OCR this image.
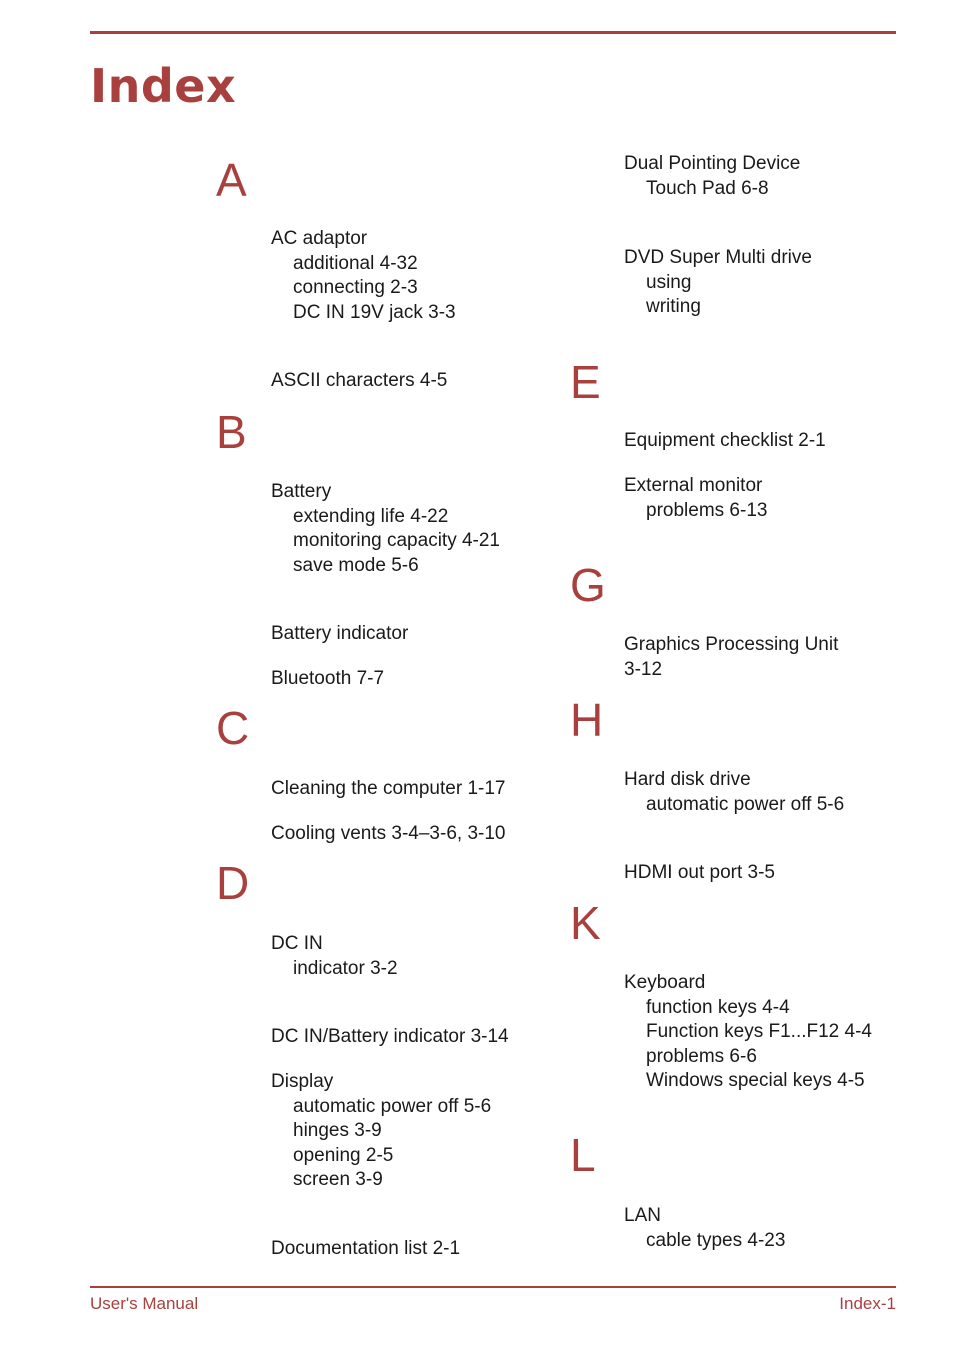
Index
A
AC adaptor
additional 4-32
connecting 2-3
DC IN 19V jack 3-3
ASCII characters 4-5
B
Battery
extending life 4-22
monitoring capacity 4-21
save mode 5-6
Battery indicator
Bluetooth 7-7
C
Cleaning the computer 1-17
Cooling vents 3-4–3-6, 3-10
D
DC IN
indicator 3-2
DC IN/Battery indicator 3-14
Display
automatic power off 5-6
hinges 3-9
opening 2-5
screen 3-9
Documentation list 2-1
Dual Pointing Device
Touch Pad 6-8
DVD Super Multi drive
using
writing
E
Equipment checklist 2-1
External monitor
problems 6-13
G
Graphics Processing Unit
3-12
H
Hard disk drive
automatic power off 5-6
HDMI out port 3-5
K
Keyboard
function keys 4-4
Function keys F1...F12 4-4
problems 6-6
Windows special keys 4-5
L
LAN
cable types 4-23
User's Manual	Index-1
